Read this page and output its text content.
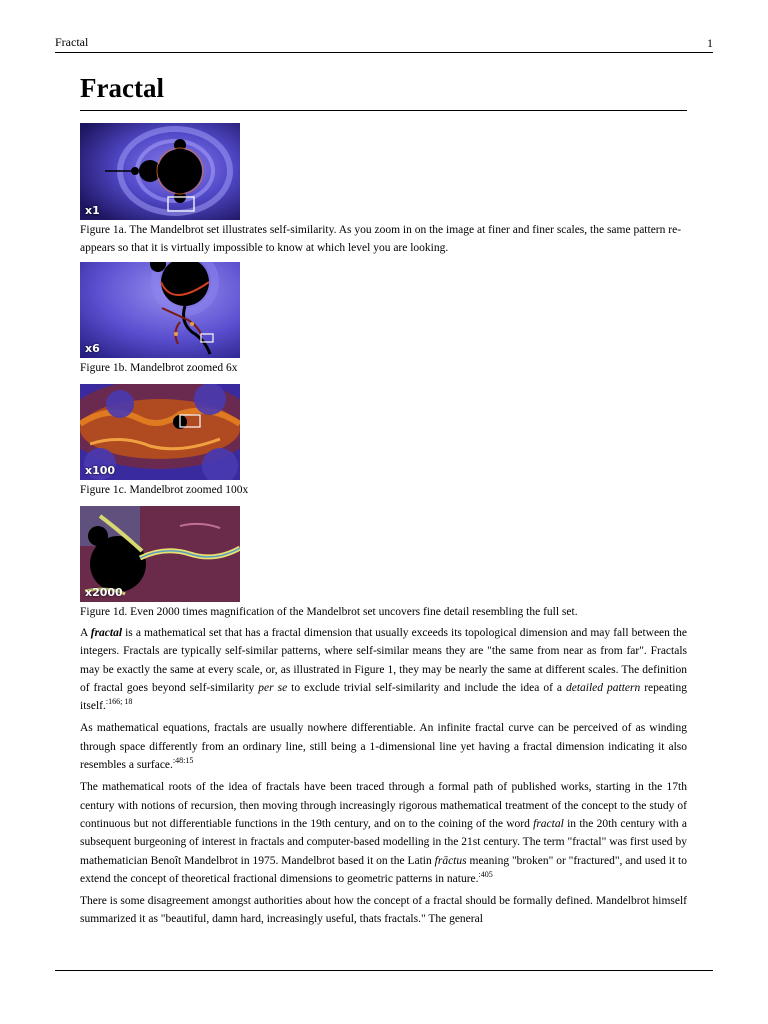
Fractal	1
Fractal
x1
Figure 1a. The Mandelbrot set illustrates self-similarity. As you zoom in on the image at finer and finer scales, the same pattern re-appears so that it is virtually impossible to know at which level you are looking.
x6
Figure 1b. Mandelbrot zoomed 6x
x100
Figure 1c. Mandelbrot zoomed 100x
x2000
Figure 1d. Even 2000 times magnification of the Mandelbrot set uncovers fine detail resembling the full set.

A fractal is a mathematical set that has a fractal dimension that usually exceeds its topological dimension and may fall between the integers. Fractals are typically self-similar patterns, where self-similar means they are "the same from near as from far". Fractals may be exactly the same at every scale, or, as illustrated in Figure 1, they may be nearly the same at different scales. The definition of fractal goes beyond self-similarity per se to exclude trivial self-similarity and include the idea of a detailed pattern repeating itself.$^{:166; 18}$

As mathematical equations, fractals are usually nowhere differentiable. An infinite fractal curve can be perceived of as winding through space differently from an ordinary line, still being a 1-dimensional line yet having a fractal dimension indicating it also resembles a surface.$^{:48:15}$

The mathematical roots of the idea of fractals have been traced through a formal path of published works, starting in the 17th century with notions of recursion, then moving through increasingly rigorous mathematical treatment of the concept to the study of continuous but not differentiable functions in the 19th century, and on to the coining of the word fractal in the 20th century with a subsequent burgeoning of interest in fractals and computer-based modelling in the 21st century. The term "fractal" was first used by mathematician Benoît Mandelbrot in 1975. Mandelbrot based it on the Latin frāctus meaning "broken" or "fractured", and used it to extend the concept of theoretical fractional dimensions to geometric patterns in nature.$^{:405}$

There is some disagreement amongst authorities about how the concept of a fractal should be formally defined. Mandelbrot himself summarized it as "beautiful, damn hard, increasingly useful, thats fractals." The general
